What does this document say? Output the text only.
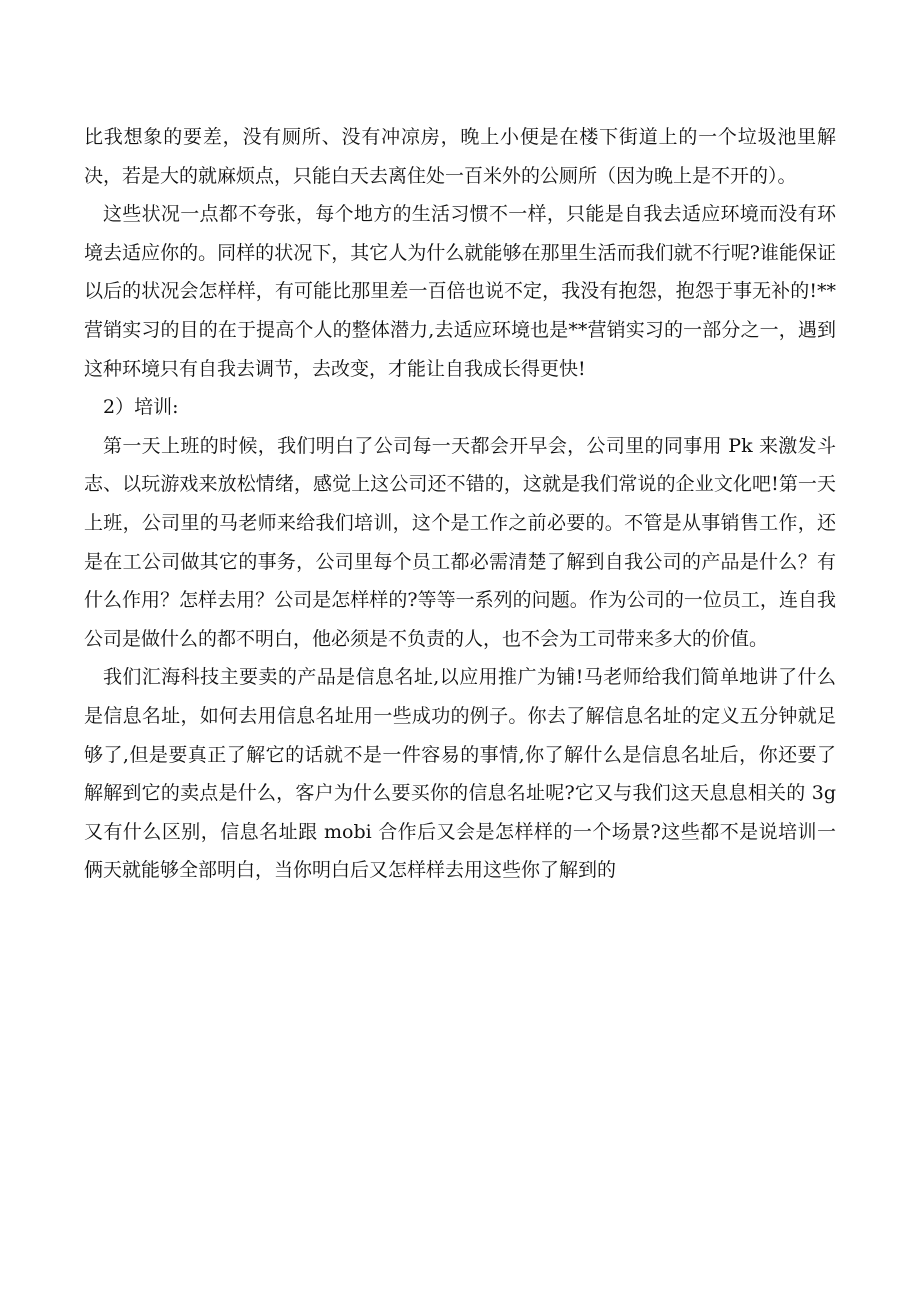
比我想象的要差，没有厕所、没有冲凉房，晚上小便是在楼下街道上的一个垃圾池里解决，若是大的就麻烦点，只能白天去离住处一百米外的公厕所（因为晚上是不开的）。

这些状况一点都不夸张，每个地方的生活习惯不一样，只能是自我去适应环境而没有环境去适应你的。同样的状况下，其它人为什么就能够在那里生活而我们就不行呢?谁能保证以后的状况会怎样样，有可能比那里差一百倍也说不定，我没有抱怨，抱怨于事无补的!**营销实习的目的在于提高个人的整体潜力,去适应环境也是**营销实习的一部分之一，遇到这种环境只有自我去调节，去改变，才能让自我成长得更快!

2）培训:

第一天上班的时候，我们明白了公司每一天都会开早会，公司里的同事用 Pk 来激发斗志、以玩游戏来放松情绪，感觉上这公司还不错的，这就是我们常说的企业文化吧!第一天上班，公司里的马老师来给我们培训，这个是工作之前必要的。不管是从事销售工作，还是在工公司做其它的事务，公司里每个员工都必需清楚了解到自我公司的产品是什么？有什么作用？怎样去用？公司是怎样样的?等等一系列的问题。作为公司的一位员工，连自我公司是做什么的都不明白，他必须是不负责的人，也不会为工司带来多大的价值。

我们汇海科技主要卖的产品是信息名址,以应用推广为铺!马老师给我们简单地讲了什么是信息名址，如何去用信息名址用一些成功的例子。你去了解信息名址的定义五分钟就足够了,但是要真正了解它的话就不是一件容易的事情,你了解什么是信息名址后，你还要了解解到它的卖点是什么，客户为什么要买你的信息名址呢?它又与我们这天息息相关的 3g 又有什么区别，信息名址跟 mobi 合作后又会是怎样样的一个场景?这些都不是说培训一俩天就能够全部明白，当你明白后又怎样样去用这些你了解到的
